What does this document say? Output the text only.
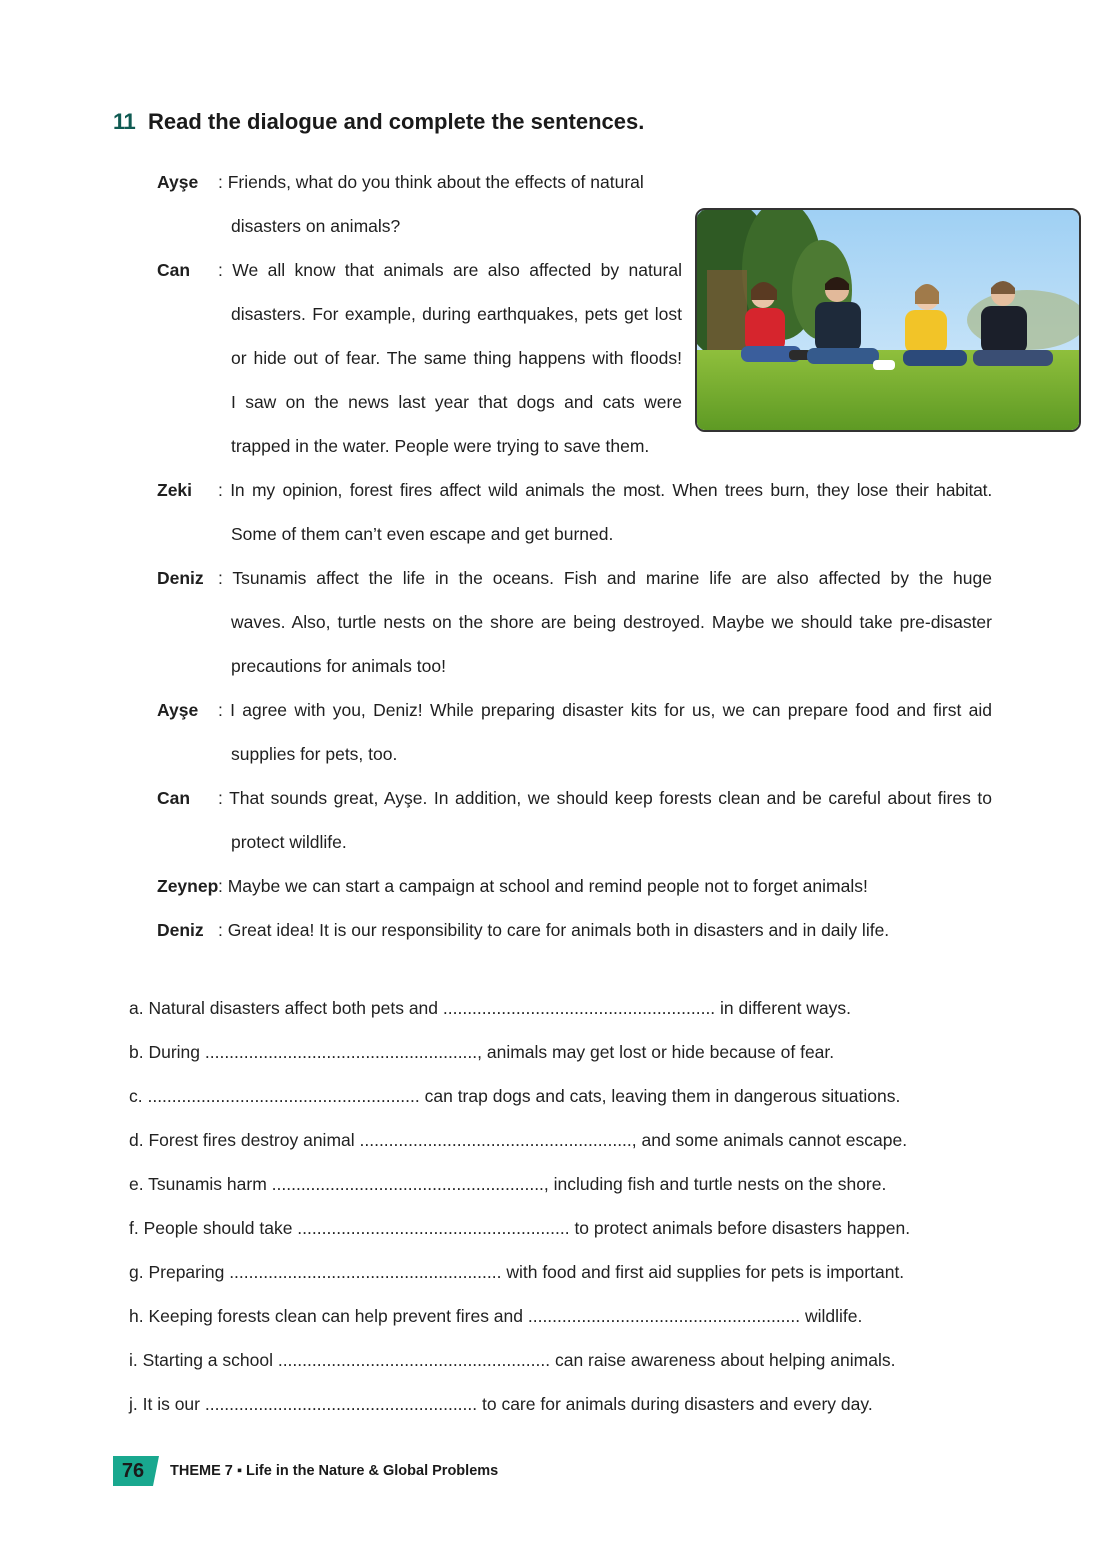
11 Read the dialogue and complete the sentences.
Ayşe : Friends, what do you think about the effects of natural
disasters on animals?
Can : We all know that animals are also affected by natural
disasters. For example, during earthquakes, pets get lost
or hide out of fear. The same thing happens with floods!
I saw on the news last year that dogs and cats were
trapped in the water. People were trying to save them.
Zeki : In my opinion, forest fires affect wild animals the most. When trees burn, they lose their habitat.
Some of them can’t even escape and get burned.
Deniz : Tsunamis affect the life in the oceans. Fish and marine life are also affected by the huge
waves. Also, turtle nests on the shore are being destroyed. Maybe we should take pre-disaster
precautions for animals too!
Ayşe : I agree with you, Deniz! While preparing disaster kits for us, we can prepare food and first aid
supplies for pets, too.
Can : That sounds great, Ayşe. In addition, we should keep forests clean and be careful about fires to
protect wildlife.
Zeynep : Maybe we can start a campaign at school and remind people not to forget animals!
Deniz : Great idea! It is our responsibility to care for animals both in disasters and in daily life.
a. Natural disasters affect both pets and ........................................................ in different ways.
b. During ........................................................, animals may get lost or hide because of fear.
c. ........................................................ can trap dogs and cats, leaving them in dangerous situations.
d. Forest fires destroy animal ........................................................, and some animals cannot escape.
e. Tsunamis harm ........................................................, including fish and turtle nests on the shore.
f. People should take ........................................................ to protect animals before disasters happen.
g. Preparing ........................................................ with food and first aid supplies for pets is important.
h. Keeping forests clean can help prevent fires and ........................................................ wildlife.
i. Starting a school ........................................................ can raise awareness about helping animals.
j. It is our ........................................................ to care for animals during disasters and every day.
76	THEME 7 ▪ Life in the Nature & Global Problems
